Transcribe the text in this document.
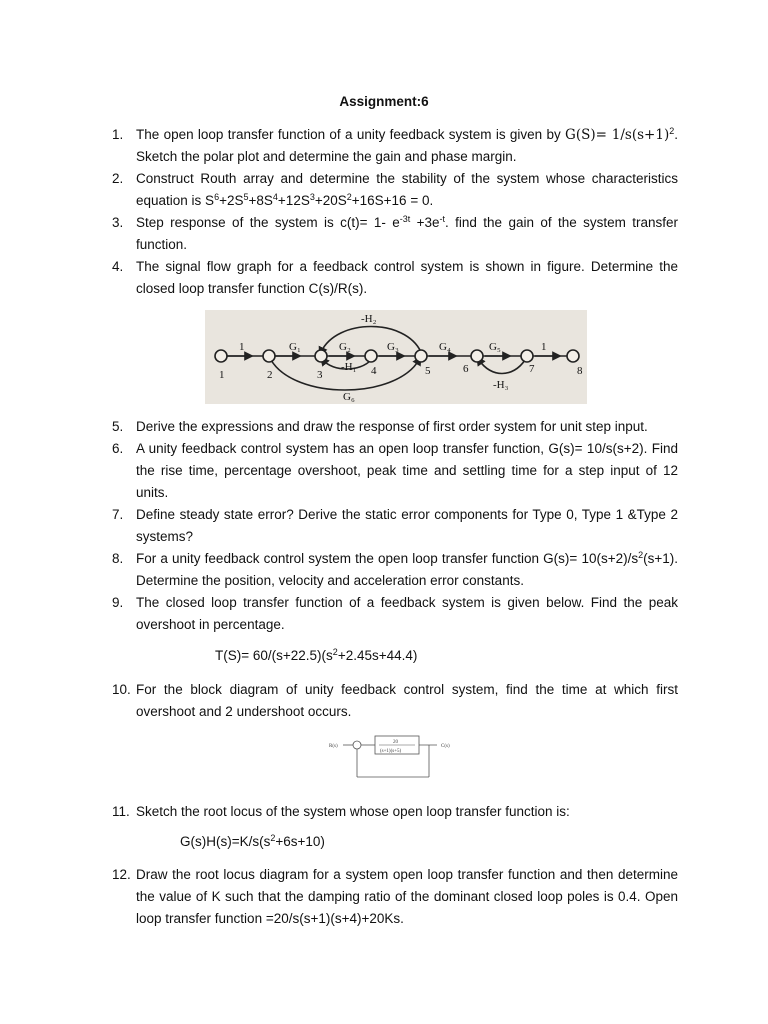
Assignment:6
1. The open loop transfer function of a unity feedback system is given by $G(S)= 1/s(s+1)^2$. Sketch the polar plot and determine the gain and phase margin.
2. Construct Routh array and determine the stability of the system whose characteristics equation is $S^6+2S^5+8S^4+12S^3+20S^2+16S+16 = 0$.
3. Step response of the system is c(t)= 1- $e^{-3t} +3e^{-t}$. find the gain of the system transfer function.
4. The signal flow graph for a feedback control system is shown in figure. Determine the closed loop transfer function C(s)/R(s).
1	2	3	4	5	6	7	8
1	G₁	G₂	G₃	G₄	G₅	1
-H₁
-H₂
-H₃
G₆
5. Derive the expressions and draw the response of first order system for unit step input.
6. A unity feedback control system has an open loop transfer function, G(s)= 10/s(s+2). Find the rise time, percentage overshoot, peak time and settling time for a step input of 12 units.
7. Define steady state error? Derive the static error components for Type 0, Type 1 &Type 2 systems?
8. For a unity feedback control system the open loop transfer function $G(s)= 10(s+2)/s^2(s+1)$. Determine the position, velocity and acceleration error constants.
9. The closed loop transfer function of a feedback system is given below. Find the peak overshoot in percentage.
$T(S)= 60/(s+22.5)(s^2+2.45s+44.4)$
10. For the block diagram of unity feedback control system, find the time at which first overshoot and 2 undershoot occurs.
R(s)
20
(s+1)(s+5)
C(s)
11. Sketch the root locus of the system whose open loop transfer function is:
$G(s)H(s)=K/s(s^2+6s+10)$
12. Draw the root locus diagram for a system open loop transfer function and then determine the value of K such that the damping ratio of the dominant closed loop poles is 0.4. Open loop transfer function =20/s(s+1)(s+4)+20Ks.
